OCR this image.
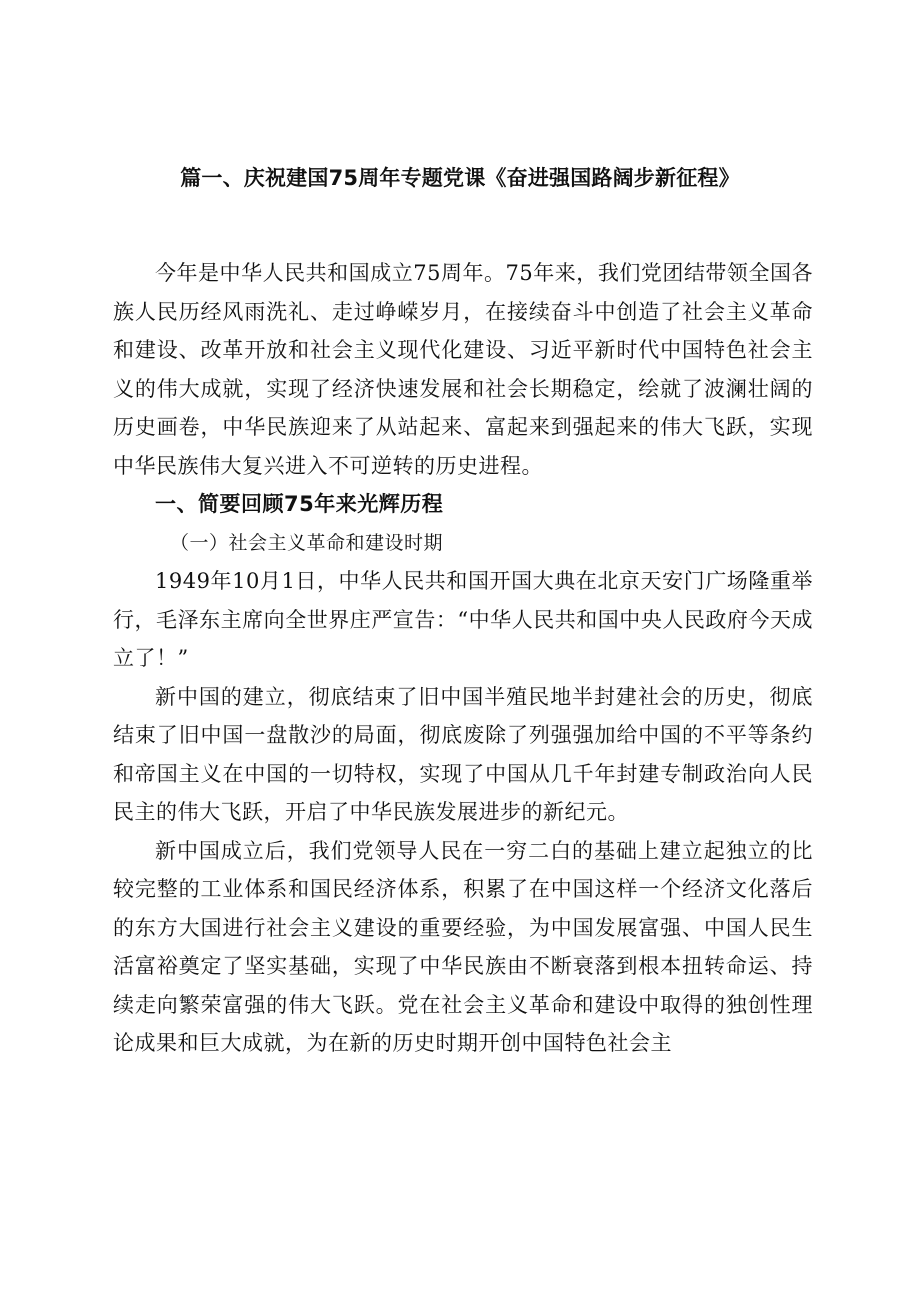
篇一、庆祝建国75周年专题党课《奋进强国路阔步新征程》

今年是中华人民共和国成立75周年。75年来，我们党团结带领全国各族人民历经风雨洗礼、走过峥嵘岁月，在接续奋斗中创造了社会主义革命和建设、改革开放和社会主义现代化建设、习近平新时代中国特色社会主义的伟大成就，实现了经济快速发展和社会长期稳定，绘就了波澜壮阔的历史画卷，中华民族迎来了从站起来、富起来到强起来的伟大飞跃，实现中华民族伟大复兴进入不可逆转的历史进程。

一、简要回顾75年来光辉历程

（一）社会主义革命和建设时期

1949年10月1日，中华人民共和国开国大典在北京天安门广场隆重举行，毛泽东主席向全世界庄严宣告：“中华人民共和国中央人民政府今天成立了！”

新中国的建立，彻底结束了旧中国半殖民地半封建社会的历史，彻底结束了旧中国一盘散沙的局面，彻底废除了列强强加给中国的不平等条约和帝国主义在中国的一切特权，实现了中国从几千年封建专制政治向人民民主的伟大飞跃，开启了中华民族发展进步的新纪元。

新中国成立后，我们党领导人民在一穷二白的基础上建立起独立的比较完整的工业体系和国民经济体系，积累了在中国这样一个经济文化落后的东方大国进行社会主义建设的重要经验，为中国发展富强、中国人民生活富裕奠定了坚实基础，实现了中华民族由不断衰落到根本扭转命运、持续走向繁荣富强的伟大飞跃。党在社会主义革命和建设中取得的独创性理论成果和巨大成就，为在新的历史时期开创中国特色社会主
